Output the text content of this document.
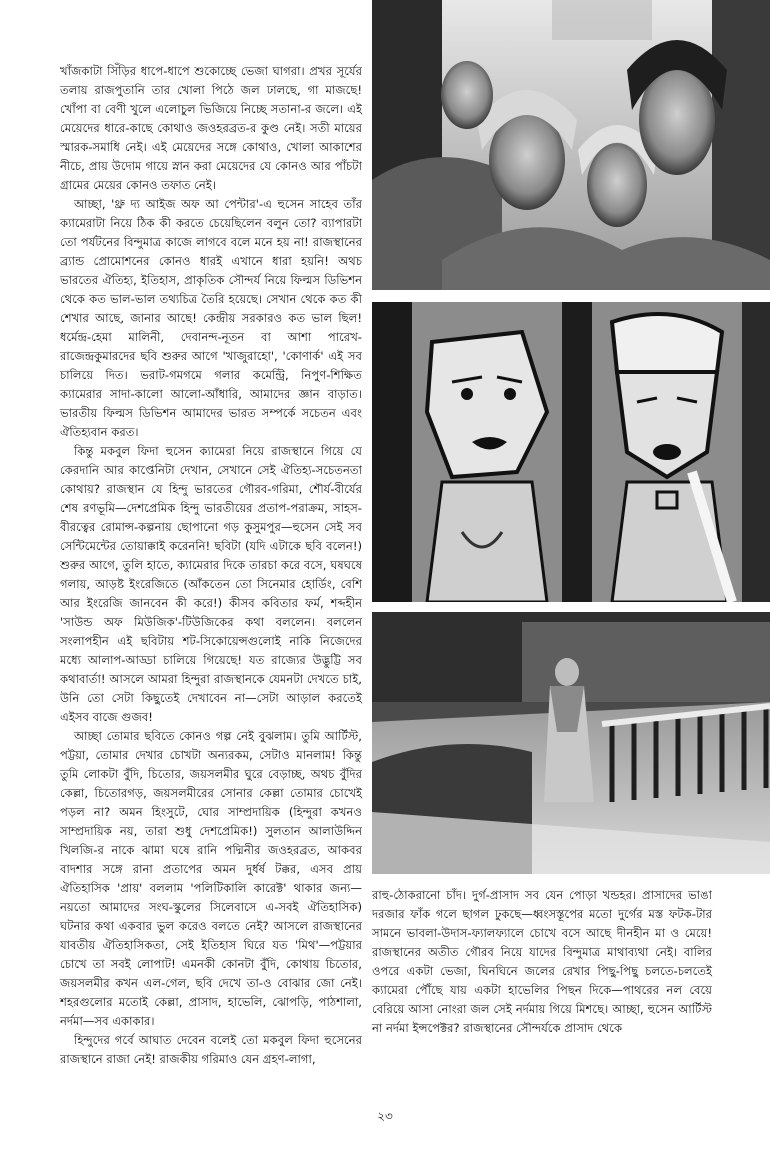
খাঁজকাটা সিঁড়ির ধাপে-ধাপে শুকোচ্ছে ভেজা ঘাগরা। প্রখর সূর্যের তলায় রাজপুতানি তার খোলা পিঠে জল ঢালছে, গা মাজছে! খোঁপা বা বেণী খুলে এলোচুল ভিজিয়ে নিচ্ছে সতানা-র জলে। এই মেয়েদের ধারে-কাছে কোথাও জওহরব্রত-র কুণ্ড নেই। সতী মায়ের স্মারক-সমাধি নেই। এই মেয়েদের সঙ্গে কোথাও, খোলা আকাশের নীচে, প্রায় উদোম গায়ে স্নান করা মেয়েদের যে কোনও আর পাঁচটা গ্রামের মেয়ের কোনও তফাত নেই।

আচ্ছা, 'থ্রু দ্য আইজ অফ আ পেন্টার'-এ হুসেন সাহেব তাঁর ক্যামেরাটা নিয়ে ঠিক কী করতে চেয়েছিলেন বলুন তো? ব্যাপারটা তো পর্যটনের বিন্দুমাত্র কাজে লাগবে বলে মনে হয় না! রাজস্থানের ব্র্যান্ড প্রোমোশনের কোনও ধারই এখানে ধারা হয়নি! অথচ ভারতের ঐতিহ্য, ইতিহাস, প্রাকৃতিক সৌন্দর্য নিয়ে ফিল্মস ডিভিশন থেকে কত ভাল-ভাল তথ্যচিত্র তৈরি হয়েছে। সেখান থেকে কত কী শেখার আছে, জানার আছে! কেন্দ্রীয় সরকারও কত ভাল ছিল! ধর্মেন্দ্র-হেমা মালিনী, দেবানন্দ-নূতন বা আশা পারেখ-রাজেন্দ্রকুমারদের ছবি শুরুর আগে 'খাজুরাহো', 'কোণার্ক' এই সব চালিয়ে দিত। ভরাট-গমগমে গলার কমেন্ট্রি, নিপুণ-শিক্ষিত ক্যামেরার সাদা-কালো আলো-আঁধারি, আমাদের জ্ঞান বাড়াত। ভারতীয় ফিল্মস ডিভিশন আমাদের ভারত সম্পর্কে সচেতন এবং ঐতিহ্যবান করত।

কিন্তু মকবুল ফিদা হুসেন ক্যামেরা নিয়ে রাজস্থানে গিয়ে যে কেরদানি আর কাপ্তেনিটা দেখান, সেখানে সেই ঐতিহ্য-সচেতনতা কোথায়? রাজস্থান যে হিন্দু ভারতের গৌরব-গরিমা, শৌর্য-বীর্যের শেষ রণভূমি—দেশপ্রেমিক হিন্দু ভারতীয়ের প্রতাপ-পরাক্রম, সাহস-বীরত্বের রোমান্স-কল্পনায় ছোপানো গড় কুসুমপুর—হুসেন সেই সব সেন্টিমেন্টের তোয়াক্কাই করেননি! ছবিটা (যদি এটাকে ছবি বলেন!) শুরুর আগে, তুলি হাতে, ক্যামেরার দিকে তারচা করে বসে, ঘষঘষে গলায়, আড়ষ্ট ইংরেজিতে (আঁকতেন তো সিনেমার হোর্ডিং, বেশি আর ইংরেজি জানবেন কী করে!) কীসব কবিতার ফর্ম, শব্দহীন 'সাউন্ড অফ মিউজিক'-টিউজিকের কথা বললেন। বললেন সংলাপহীন এই ছবিটায় শট-সিকোয়েন্সগুলোই নাকি নিজেদের মধ্যে আলাপ-আড্ডা চালিয়ে গিয়েছে! যত রাজ্যের উদ্ভুট্টি সব কথাবার্তা! আসলে আমরা হিন্দুরা রাজস্থানকে যেমনটা দেখতে চাই, উনি তো সেটা কিছুতেই দেখাবেন না—সেটা আড়াল করতেই এইসব বাজে গুজব!

আচ্ছা তোমার ছবিতে কোনও গল্প নেই বুঝলাম। তুমি আর্টিস্ট, পট্টয়া, তোমার দেখার চোখটা অন্যরকম, সেটাও মানলাম! কিন্তু তুমি লোকটা বুঁদি, চিতোর, জয়সলমীর ঘুরে বেড়াচ্ছ, অথচ বুঁদির কেল্লা, চিতোরগড়, জয়সলমীরের সোনার কেল্লা তোমার চোখেই পড়ল না? অমন হিংসুটে, ঘোর সাম্প্রদায়িক (হিন্দুরা কখনও সাম্প্রদায়িক নয়, তারা শুধু দেশপ্রেমিক!) সুলতান আলাউদ্দিন খিলজি-র নাকে ঝামা ঘষে রানি পদ্মিনীর জওহরব্রত, আকবর বাদশার সঙ্গে রানা প্রতাপের অমন দুর্ধর্ষ টক্কর, এসব প্রায় ঐতিহাসিক 'প্রায়' বললাম 'পলিটিকালি কারেক্ট' থাকার জন্য—নয়তো আমাদের সংঘ-স্কুলের সিলেবাসে এ-সবই ঐতিহাসিক) ঘটনার কথা একবার ভুল করেও বলতে নেই? আসলে রাজস্থানের যাবতীয় ঐতিহাসিকতা, সেই ইতিহাস ঘিরে যত 'মিথ'—পট্টয়ার চোখে তা সবই লোপাট! এমনকী কোনটা বুঁদি, কোথায় চিতোর, জয়সলমীর কখন এল-গেল, ছবি দেখে তা-ও বোঝার জো নেই। শহরগুলোর মতোই কেল্লা, প্রাসাদ, হাভেলি, ঝোপড়ি, পাঠশালা, নর্দমা—সব একাকার।

হিন্দুদের গর্বে আঘাত দেবেন বলেই তো মকবুল ফিদা হুসেনের রাজস্থানে রাজা নেই! রাজকীয় গরিমাও যেন গ্রহণ-লাগা,

রাহু-ঠোকরানো চাঁদ। দুর্গ-প্রাসাদ সব যেন পোড়া খন্ডহর। প্রাসাদের ভাঙা দরজার ফাঁক গলে ছাগল ঢুকছে—ধ্বংসস্তূপের মতো দুর্গের মস্ত ফটক-টার সামনে ভাবলা-উদাস-ফ্যালফ্যালে চোখে বসে আছে দীনহীন মা ও মেয়ে! রাজস্থানের অতীত গৌরব নিয়ে যাদের বিন্দুমাত্র মাথাব্যথা নেই। বালির ওপরে একটা ভেজা, ঘিনঘিনে জলের রেখার পিছু-পিছু চলতে-চলতেই ক্যামেরা পৌঁছে যায় একটা হাভেলির পিছন দিকে—পাথরের নল বেয়ে বেরিয়ে আসা নোংরা জল সেই নর্দমায় গিয়ে মিশছে। আচ্ছা, হুসেন আর্টিস্ট না নর্দমা ইন্সপেক্টর? রাজস্থানের সৌন্দর্যকে প্রাসাদ থেকে

২৩
